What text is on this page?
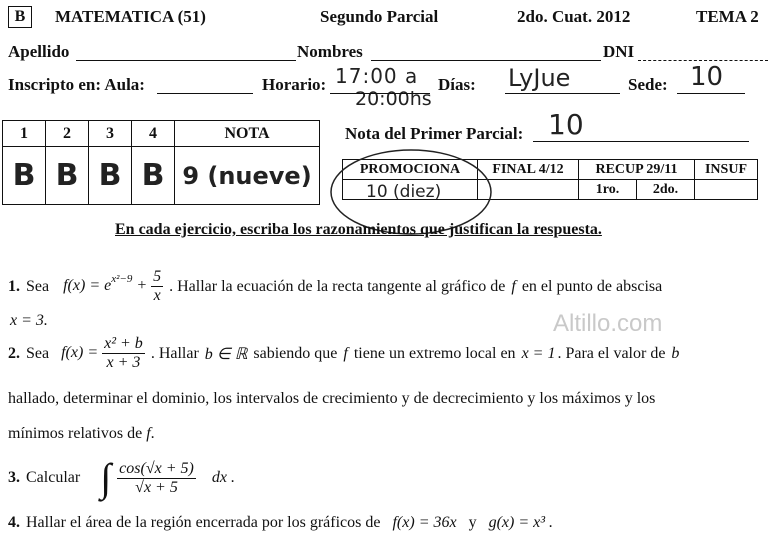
B	MATEMATICA (51)	Segundo Parcial	2do. Cuat. 2012	TEMA 2
Apellido	Nombres	DNI
Inscripto en: Aula:	Horario: 17:00 a
20:00hs
Días: LyJue	Sede: 10
1	2	3	4	NOTA
B	B	B	B	9 (nueve)
Nota del Primer Parcial: 10
PROMOCIONA	FINAL 4/12	RECUP 29/11		INSUF
		1ro.	2do.	
10 (diez)
En cada ejercicio, escriba los razonamientos que justifican la respuesta.
Altillo.com
1. Sea $f(x) = e^{x^2-9} + \frac{5}{x}$ . Hallar la ecuación de la recta tangente al gráfico de f en el punto de abscisa
x = 3.
2. Sea $f(x) = \frac{\text{x² + b}}{x + 3}$ . Hallar b ∈ ℝ sabiendo que f tiene un extremo local en x = 1 . Para el valor de b
hallado, determinar el dominio, los intervalos de crecimiento y de decrecimiento y los máximos y los
mínimos relativos de f.
3. Calcular ∫ $\frac{\cos(√x + 5)}{√x + 5}$ dx .
4. Hallar el área de la región encerrada por los gráficos de f(x) = 36x y g(x) = x³ .
